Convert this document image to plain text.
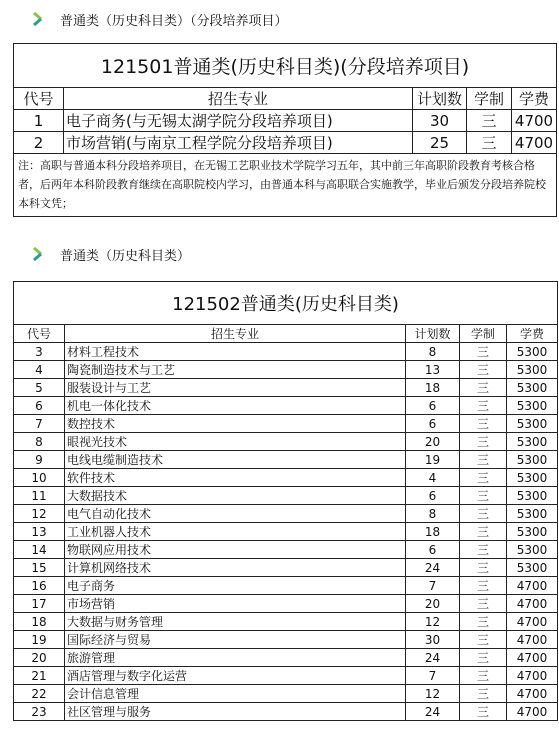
普通类（历史科目类）（分段培养项目）
121501普通类(历史科目类)(分段培养项目)				
代号	招生专业	计划数	学制	学费
1	电子商务(与无锡太湖学院分段培养项目)	30	三	4700
2	市场营销(与南京工程学院分段培养项目)	25	三	4700
注：高职与普通本科分段培养项目，在无锡工艺职业技术学院学习五年，其中前三年高职阶段教育考核合格者，后两年本科阶段教育继续在高职院校内学习，由普通本科与高职联合实施教学，毕业后颁发分段培养院校本科文凭；				
普通类（历史科目类）
121502普通类(历史科目类)				
代号	招生专业	计划数	学制	学费
3	材料工程技术	8	三	5300
4	陶瓷制造技术与工艺	13	三	5300
5	服装设计与工艺	18	三	5300
6	机电一体化技术	6	三	5300
7	数控技术	6	三	5300
8	眼视光技术	20	三	5300
9	电线电缆制造技术	19	三	5300
10	软件技术	4	三	5300
11	大数据技术	6	三	5300
12	电气自动化技术	8	三	5300
13	工业机器人技术	18	三	5300
14	物联网应用技术	6	三	5300
15	计算机网络技术	24	三	5300
16	电子商务	7	三	4700
17	市场营销	20	三	4700
18	大数据与财务管理	12	三	4700
19	国际经济与贸易	30	三	4700
20	旅游管理	24	三	4700
21	酒店管理与数字化运营	7	三	4700
22	会计信息管理	12	三	4700
23	社区管理与服务	24	三	4700
